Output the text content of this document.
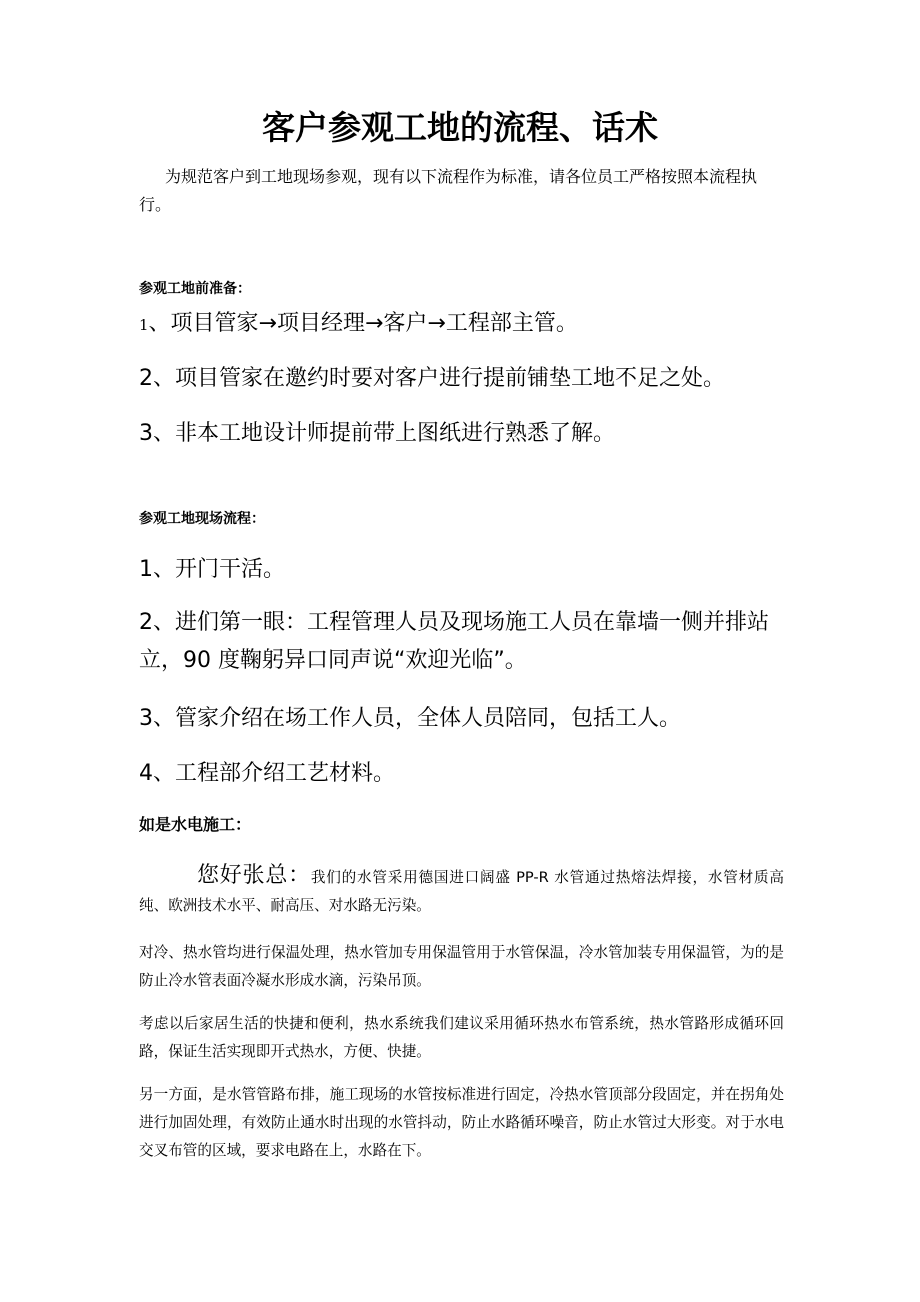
客户参观工地的流程、话术
为规范客户到工地现场参观，现有以下流程作为标准，请各位员工严格按照本流程执行。
参观工地前准备：
1、项目管家→项目经理→客户→工程部主管。
2、项目管家在邀约时要对客户进行提前铺垫工地不足之处。
3、非本工地设计师提前带上图纸进行熟悉了解。
参观工地现场流程：
1、开门干活。
2、进们第一眼：工程管理人员及现场施工人员在靠墙一侧并排站立，90 度鞠躬异口同声说“欢迎光临”。
3、管家介绍在场工作人员，全体人员陪同，包括工人。
4、工程部介绍工艺材料。
如是水电施工：
您好张总：我们的水管采用德国进口阔盛 PP-R 水管通过热熔法焊接，水管材质高纯、欧洲技术水平、耐高压、对水路无污染。
对冷、热水管均进行保温处理，热水管加专用保温管用于水管保温，冷水管加装专用保温管，为的是防止冷水管表面冷凝水形成水滴，污染吊顶。
考虑以后家居生活的快捷和便利，热水系统我们建议采用循环热水布管系统，热水管路形成循环回路，保证生活实现即开式热水，方便、快捷。
另一方面，是水管管路布排，施工现场的水管按标准进行固定，冷热水管顶部分段固定，并在拐角处进行加固处理，有效防止通水时出现的水管抖动，防止水路循环噪音，防止水管过大形变。对于水电交叉布管的区域，要求电路在上，水路在下。
